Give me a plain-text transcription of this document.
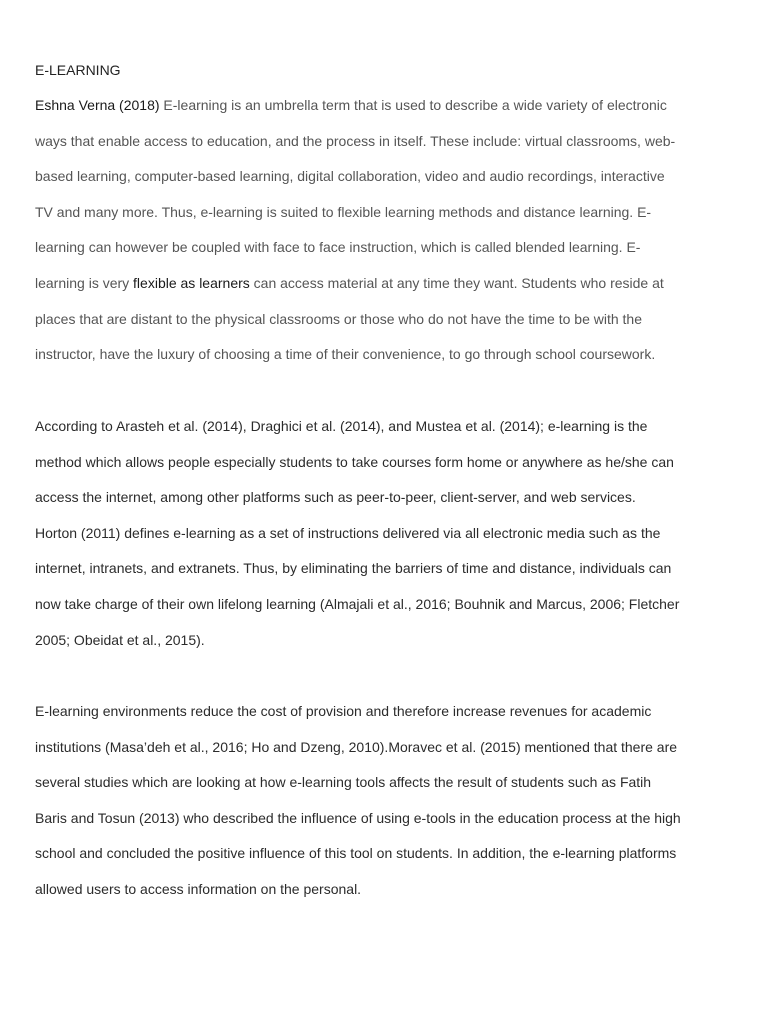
E-LEARNING

Eshna Verna (2018) E-learning is an umbrella term that is used to describe a wide variety of electronic
ways that enable access to education, and the process in itself. These include: virtual classrooms, web-
based learning, computer-based learning, digital collaboration, video and audio recordings, interactive
TV and many more. Thus, e-learning is suited to flexible learning methods and distance learning. E-
learning can however be coupled with face to face instruction, which is called blended learning. E-
learning is very flexible as learners can access material at any time they want. Students who reside at
places that are distant to the physical classrooms or those who do not have the time to be with the
instructor, have the luxury of choosing a time of their convenience, to go through school coursework.

According to Arasteh et al. (2014), Draghici et al. (2014), and Mustea et al. (2014); e-learning is the
method which allows people especially students to take courses form home or anywhere as he/she can
access the internet, among other platforms such as peer-to-peer, client-server, and web services.
Horton (2011) defines e-learning as a set of instructions delivered via all electronic media such as the
internet, intranets, and extranets. Thus, by eliminating the barriers of time and distance, individuals can
now take charge of their own lifelong learning (Almajali et al., 2016; Bouhnik and Marcus, 2006; Fletcher
2005; Obeidat et al., 2015).

E-learning environments reduce the cost of provision and therefore increase revenues for academic
institutions (Masa’deh et al., 2016; Ho and Dzeng, 2010).Moravec et al. (2015) mentioned that there are
several studies which are looking at how e-learning tools affects the result of students such as Fatih
Baris and Tosun (2013) who described the influence of using e-tools in the education process at the high
school and concluded the positive influence of this tool on students. In addition, the e-learning platforms
allowed users to access information on the personal.
